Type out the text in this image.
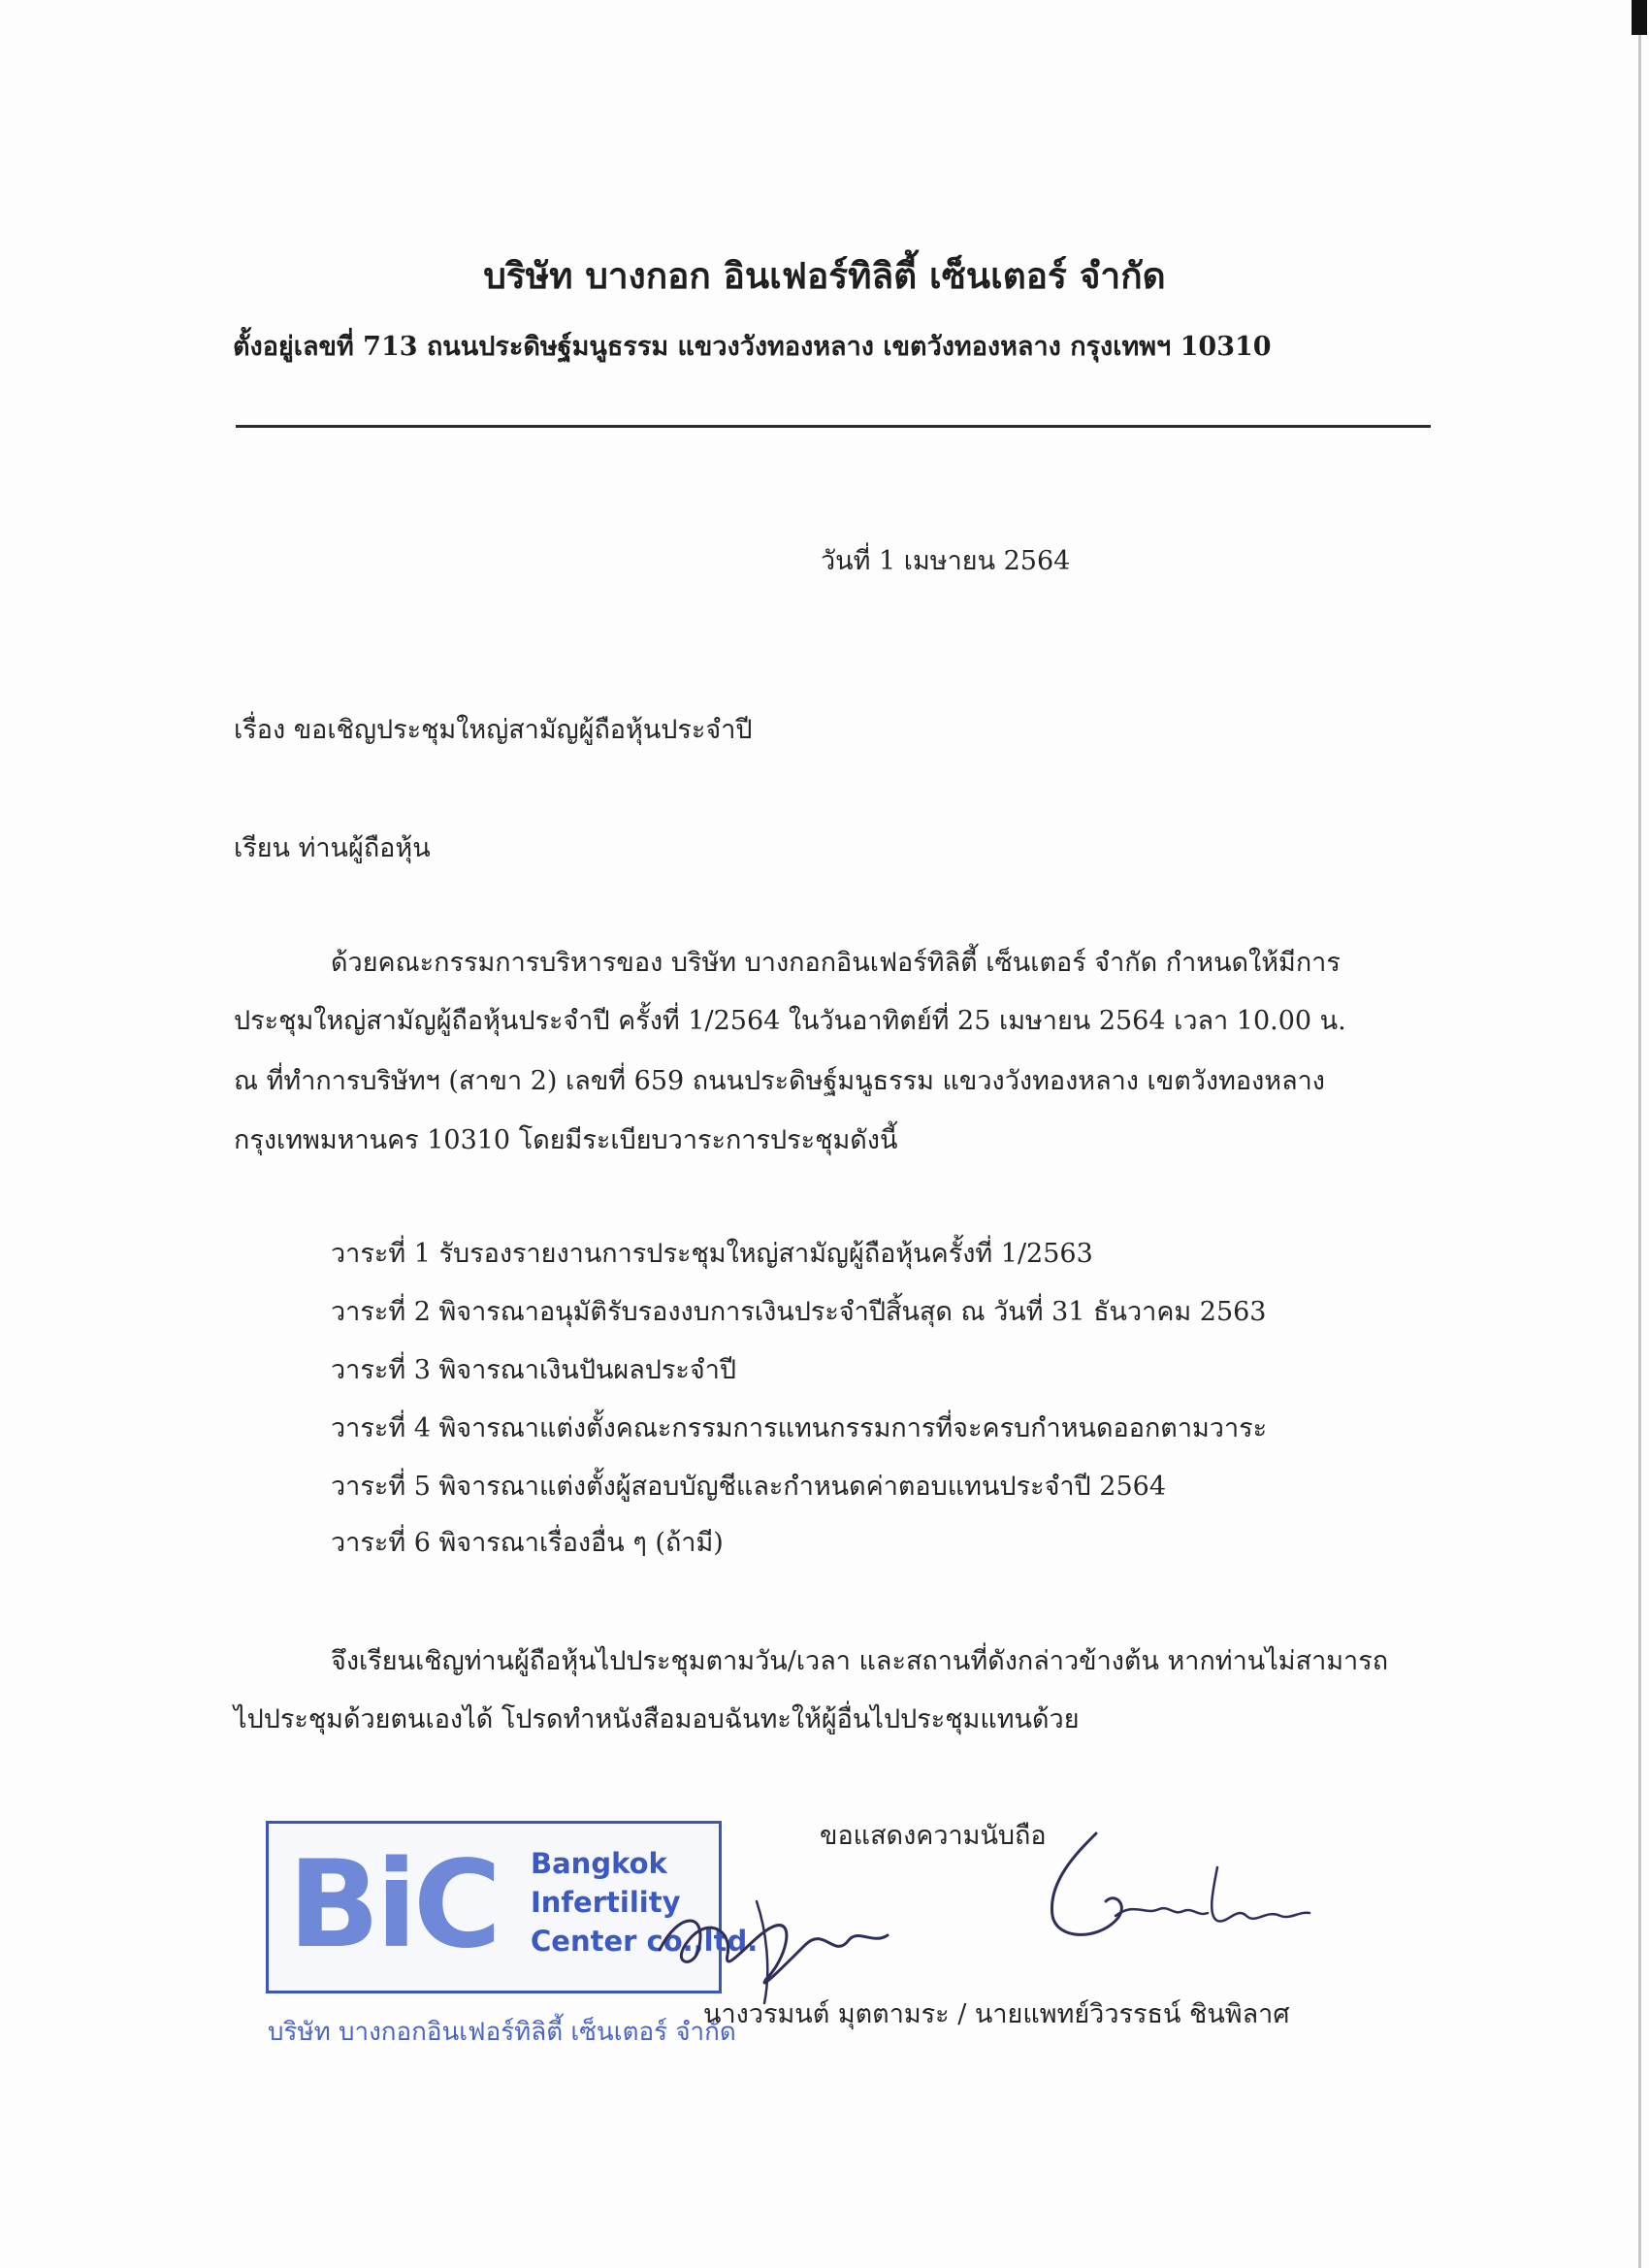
บริษัท บางกอก อินเฟอร์ทิลิตี้ เซ็นเตอร์ จำกัด
ตั้งอยู่เลขที่ 713 ถนนประดิษฐ์มนูธรรม แขวงวังทองหลาง เขตวังทองหลาง กรุงเทพฯ 10310
วันที่ 1 เมษายน 2564
เรื่อง ขอเชิญประชุมใหญ่สามัญผู้ถือหุ้นประจำปี
เรียน ท่านผู้ถือหุ้น
ด้วยคณะกรรมการบริหารของ บริษัท บางกอกอินเฟอร์ทิลิตี้ เซ็นเตอร์ จำกัด กำหนดให้มีการ
ประชุมใหญ่สามัญผู้ถือหุ้นประจำปี ครั้งที่ 1/2564 ในวันอาทิตย์ที่ 25 เมษายน 2564 เวลา 10.00 น.
ณ ที่ทำการบริษัทฯ (สาขา 2) เลขที่ 659 ถนนประดิษฐ์มนูธรรม แขวงวังทองหลาง เขตวังทองหลาง
กรุงเทพมหานคร 10310 โดยมีระเบียบวาระการประชุมดังนี้
วาระที่ 1 รับรองรายงานการประชุมใหญ่สามัญผู้ถือหุ้นครั้งที่ 1/2563
วาระที่ 2 พิจารณาอนุมัติรับรองงบการเงินประจำปีสิ้นสุด ณ วันที่ 31 ธันวาคม 2563
วาระที่ 3 พิจารณาเงินปันผลประจำปี
วาระที่ 4 พิจารณาแต่งตั้งคณะกรรมการแทนกรรมการที่จะครบกำหนดออกตามวาระ
วาระที่ 5 พิจารณาแต่งตั้งผู้สอบบัญชีและกำหนดค่าตอบแทนประจำปี 2564
วาระที่ 6 พิจารณาเรื่องอื่น ๆ (ถ้ามี)
จึงเรียนเชิญท่านผู้ถือหุ้นไปประชุมตามวัน/เวลา และสถานที่ดังกล่าวข้างต้น หากท่านไม่สามารถ
ไปประชุมด้วยตนเองได้ โปรดทำหนังสือมอบฉันทะให้ผู้อื่นไปประชุมแทนด้วย
ขอแสดงความนับถือ
BiC Bangkok
Infertility
Center co.,ltd.
บริษัท บางกอกอินเฟอร์ทิลิตี้ เซ็นเตอร์ จำกัด
นางวรมนต์ มุตตามระ / นายแพทย์วิวรรธน์ ชินพิลาศ
